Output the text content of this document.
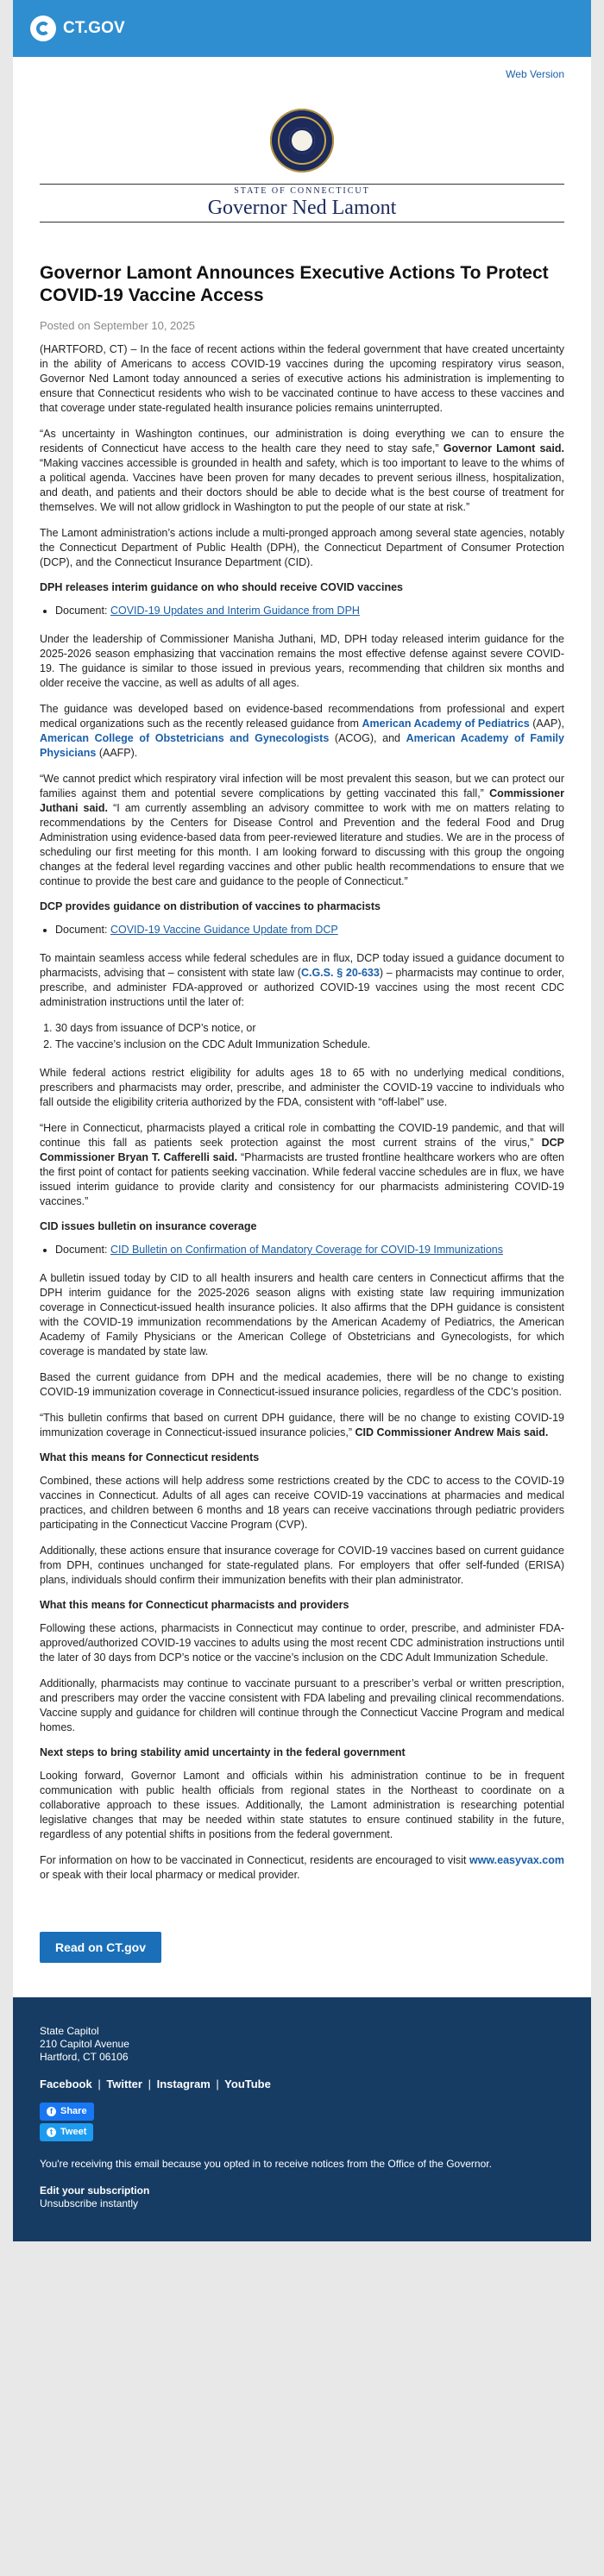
CT.GOV
Web Version
STATE OF CONNECTICUT
Governor Ned Lamont
Governor Lamont Announces Executive Actions To Protect COVID-19 Vaccine Access
Posted on September 10, 2025

(HARTFORD, CT) – In the face of recent actions within the federal government that have created uncertainty in the ability of Americans to access COVID-19 vaccines during the upcoming respiratory virus season, Governor Ned Lamont today announced a series of executive actions his administration is implementing to ensure that Connecticut residents who wish to be vaccinated continue to have access to these vaccines and that coverage under state-regulated health insurance policies remains uninterrupted.

“As uncertainty in Washington continues, our administration is doing everything we can to ensure the residents of Connecticut have access to the health care they need to stay safe,” Governor Lamont said. “Making vaccines accessible is grounded in health and safety, which is too important to leave to the whims of a political agenda. Vaccines have been proven for many decades to prevent serious illness, hospitalization, and death, and patients and their doctors should be able to decide what is the best course of treatment for themselves. We will not allow gridlock in Washington to put the people of our state at risk.”

The Lamont administration’s actions include a multi-pronged approach among several state agencies, notably the Connecticut Department of Public Health (DPH), the Connecticut Department of Consumer Protection (DCP), and the Connecticut Insurance Department (CID).

DPH releases interim guidance on who should receive COVID vaccines
• Document: COVID-19 Updates and Interim Guidance from DPH

Under the leadership of Commissioner Manisha Juthani, MD, DPH today released interim guidance for the 2025-2026 season emphasizing that vaccination remains the most effective defense against severe COVID-19. The guidance is similar to those issued in previous years, recommending that children six months and older receive the vaccine, as well as adults of all ages.

The guidance was developed based on evidence-based recommendations from professional and expert medical organizations such as the recently released guidance from American Academy of Pediatrics (AAP), American College of Obstetricians and Gynecologists (ACOG), and American Academy of Family Physicians (AAFP).

“We cannot predict which respiratory viral infection will be most prevalent this season, but we can protect our families against them and potential severe complications by getting vaccinated this fall,” Commissioner Juthani said. “I am currently assembling an advisory committee to work with me on matters relating to recommendations by the Centers for Disease Control and Prevention and the federal Food and Drug Administration using evidence-based data from peer-reviewed literature and studies. We are in the process of scheduling our first meeting for this month. I am looking forward to discussing with this group the ongoing changes at the federal level regarding vaccines and other public health recommendations to ensure that we continue to provide the best care and guidance to the people of Connecticut.”

DCP provides guidance on distribution of vaccines to pharmacists
• Document: COVID-19 Vaccine Guidance Update from DCP

To maintain seamless access while federal schedules are in flux, DCP today issued a guidance document to pharmacists, advising that – consistent with state law (C.G.S. § 20-633) – pharmacists may continue to order, prescribe, and administer FDA-approved or authorized COVID-19 vaccines using the most recent CDC administration instructions until the later of:

1. 30 days from issuance of DCP’s notice, or
2. The vaccine’s inclusion on the CDC Adult Immunization Schedule.

While federal actions restrict eligibility for adults ages 18 to 65 with no underlying medical conditions, prescribers and pharmacists may order, prescribe, and administer the COVID-19 vaccine to individuals who fall outside the eligibility criteria authorized by the FDA, consistent with “off-label” use.

“Here in Connecticut, pharmacists played a critical role in combatting the COVID-19 pandemic, and that will continue this fall as patients seek protection against the most current strains of the virus,” DCP Commissioner Bryan T. Cafferelli said. “Pharmacists are trusted frontline healthcare workers who are often the first point of contact for patients seeking vaccination. While federal vaccine schedules are in flux, we have issued interim guidance to provide clarity and consistency for our pharmacists administering COVID-19 vaccines.”

CID issues bulletin on insurance coverage
• Document: CID Bulletin on Confirmation of Mandatory Coverage for COVID-19 Immunizations

A bulletin issued today by CID to all health insurers and health care centers in Connecticut affirms that the DPH interim guidance for the 2025-2026 season aligns with existing state law requiring immunization coverage in Connecticut-issued health insurance policies. It also affirms that the DPH guidance is consistent with the COVID-19 immunization recommendations by the American Academy of Pediatrics, the American Academy of Family Physicians or the American College of Obstetricians and Gynecologists, for which coverage is mandated by state law.

Based the current guidance from DPH and the medical academies, there will be no change to existing COVID-19 immunization coverage in Connecticut-issued insurance policies, regardless of the CDC’s position.

“This bulletin confirms that based on current DPH guidance, there will be no change to existing COVID-19 immunization coverage in Connecticut-issued insurance policies,” CID Commissioner Andrew Mais said.

What this means for Connecticut residents

Combined, these actions will help address some restrictions created by the CDC to access to the COVID-19 vaccines in Connecticut. Adults of all ages can receive COVID-19 vaccinations at pharmacies and medical practices, and children between 6 months and 18 years can receive vaccinations through pediatric providers participating in the Connecticut Vaccine Program (CVP).

Additionally, these actions ensure that insurance coverage for COVID-19 vaccines based on current guidance from DPH, continues unchanged for state-regulated plans. For employers that offer self-funded (ERISA) plans, individuals should confirm their immunization benefits with their plan administrator.

What this means for Connecticut pharmacists and providers

Following these actions, pharmacists in Connecticut may continue to order, prescribe, and administer FDA-approved/authorized COVID-19 vaccines to adults using the most recent CDC administration instructions until the later of 30 days from DCP’s notice or the vaccine’s inclusion on the CDC Adult Immunization Schedule.

Additionally, pharmacists may continue to vaccinate pursuant to a prescriber’s verbal or written prescription, and prescribers may order the vaccine consistent with FDA labeling and prevailing clinical recommendations. Vaccine supply and guidance for children will continue through the Connecticut Vaccine Program and medical homes.

Next steps to bring stability amid uncertainty in the federal government

Looking forward, Governor Lamont and officials within his administration continue to be in frequent communication with public health officials from regional states in the Northeast to coordinate on a collaborative approach to these issues. Additionally, the Lamont administration is researching potential legislative changes that may be needed within state statutes to ensure continued stability in the future, regardless of any potential shifts in positions from the federal government.

For information on how to be vaccinated in Connecticut, residents are encouraged to visit www.easyvax.com or speak with their local pharmacy or medical provider.

Read on CT.gov
State Capitol
210 Capitol Avenue
Hartford, CT 06106
Facebook | Twitter | Instagram | YouTube
f Share
t Tweet
You're receiving this email because you opted in to receive notices from the Office of the Governor.
Edit your subscription
Unsubscribe instantly
